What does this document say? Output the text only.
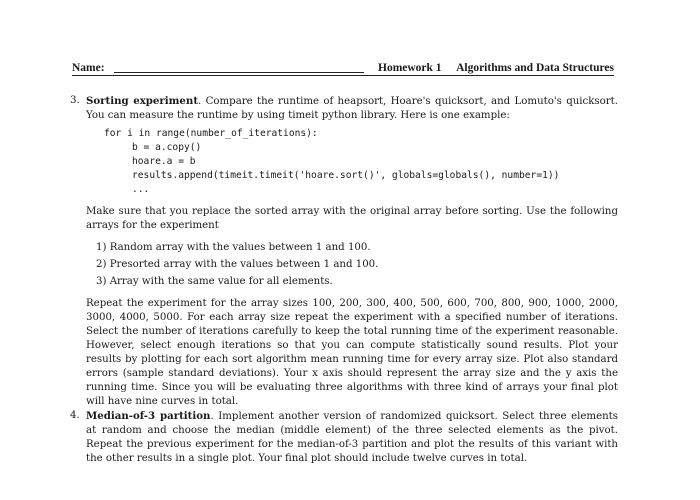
Name:	Homework 1 Algorithms and Data Structures
3. Sorting experiment. Compare the runtime of heapsort, Hoare's quicksort, and Lomuto's quicksort. You can measure the runtime by using timeit python library. Here is one example:
for i in range(number_of_iterations):

b = a.copy()
hoare.a = b
results.append(timeit.timeit('hoare.sort()', globals=globals(), number=1))
...
Make sure that you replace the sorted array with the original array before sorting. Use the following arrays for the experiment
1) Random array with the values between 1 and 100.
2) Presorted array with the values between 1 and 100.
3) Array with the same value for all elements.
Repeat the experiment for the array sizes 100, 200, 300, 400, 500, 600, 700, 800, 900, 1000, 2000, 3000, 4000, 5000. For each array size repeat the experiment with a specified number of iterations. Select the number of iterations carefully to keep the total running time of the experiment reasonable. However, select enough iterations so that you can compute statistically sound results. Plot your results by plotting for each sort algorithm mean running time for every array size. Plot also standard errors (sample standard deviations). Your x axis should represent the array size and the y axis the running time. Since you will be evaluating three algorithms with three kind of arrays your final plot will have nine curves in total.
4. Median-of-3 partition. Implement another version of randomized quicksort. Select three elements at random and choose the median (middle element) of the three selected elements as the pivot. Repeat the previous experiment for the median-of-3 partition and plot the results of this variant with the other results in a single plot. Your final plot should include twelve curves in total.
